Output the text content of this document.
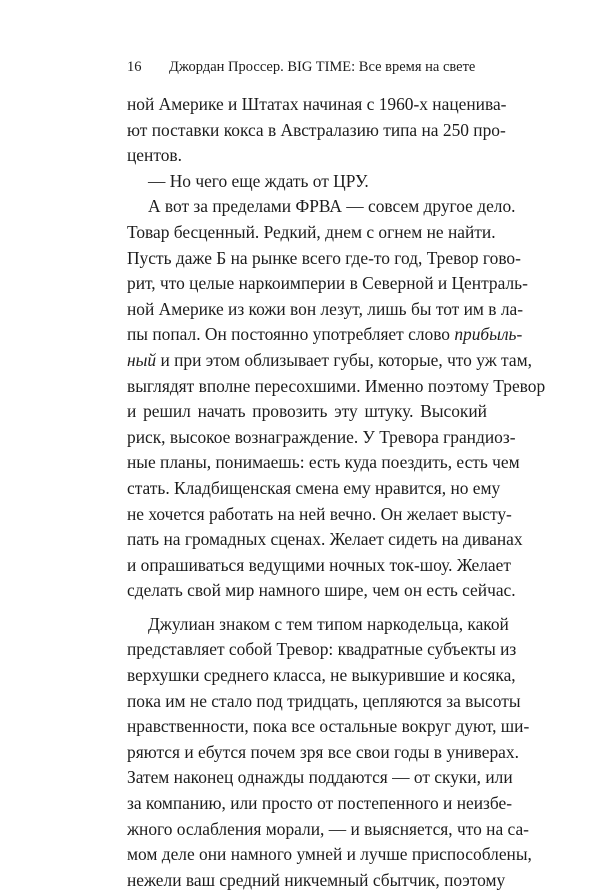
16 Джордан Проссер. BIG TIME: Все время на свете
ной Америке и Штатах начиная с 1960-х наценива-
ют поставки кокса в Австралазию типа на 250 про-
центов.
— Но чего еще ждать от ЦРУ.
А вот за пределами ФРВА — совсем другое дело.
Товар бесценный. Редкий, днем с огнем не найти.
Пусть даже Б на рынке всего где-то год, Тревор гово-
рит, что целые наркоимперии в Северной и Централь-
ной Америке из кожи вон лезут, лишь бы тот им в ла-
пы попал. Он постоянно употребляет слово прибыль-
ный и при этом облизывает губы, которые, что уж там,
выглядят вполне пересохшими. Именно поэтому Тревор
и решил начать провозить эту штуку. Высокий
риск, высокое вознаграждение. У Тревора грандиоз-
ные планы, понимаешь: есть куда поездить, есть чем
стать. Кладбищенская смена ему нравится, но ему
не хочется работать на ней вечно. Он желает высту-
пать на громадных сценах. Желает сидеть на диванах
и опрашиваться ведущими ночных ток-шоу. Желает
сделать свой мир намного шире, чем он есть сейчас.
Джулиан знаком с тем типом наркодельца, какой
представляет собой Тревор: квадратные субъекты из
верхушки среднего класса, не выкурившие и косяка,
пока им не стало под тридцать, цепляются за высоты
нравственности, пока все остальные вокруг дуют, ши-
ряются и ебутся почем зря все свои годы в универах.
Затем наконец однажды поддаются — от скуки, или
за компанию, или просто от постепенного и неизбе-
жного ослабления морали, — и выясняется, что на са-
мом деле они намного умней и лучше приспособлены,
нежели ваш средний никчемный сбытчик, поэтому
